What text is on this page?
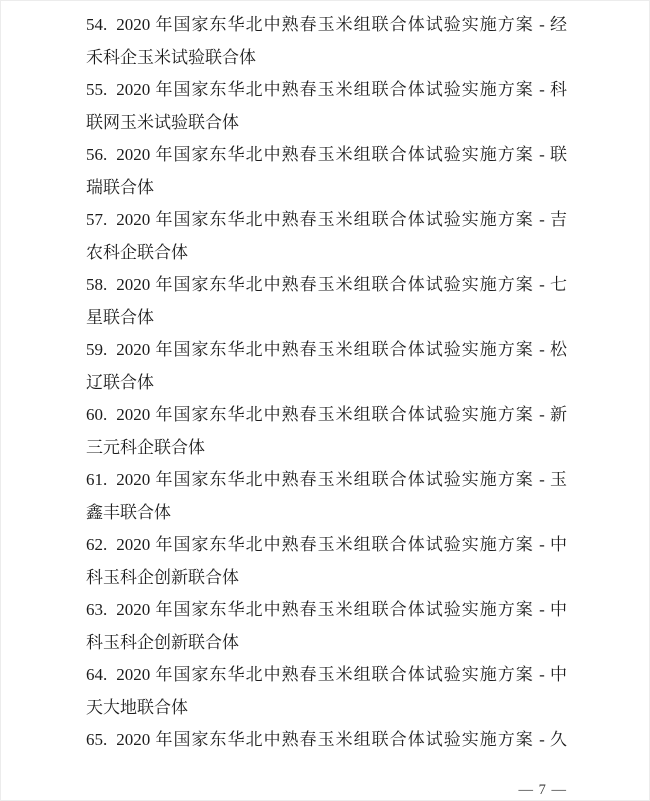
54. 2020 年国家东华北中熟春玉米组联合体试验实施方案 - 经
禾科企玉米试验联合体
55. 2020 年国家东华北中熟春玉米组联合体试验实施方案 - 科
联网玉米试验联合体
56. 2020 年国家东华北中熟春玉米组联合体试验实施方案 - 联
瑞联合体
57. 2020 年国家东华北中熟春玉米组联合体试验实施方案 - 吉
农科企联合体
58. 2020 年国家东华北中熟春玉米组联合体试验实施方案 - 七
星联合体
59. 2020 年国家东华北中熟春玉米组联合体试验实施方案 - 松
辽联合体
60. 2020 年国家东华北中熟春玉米组联合体试验实施方案 - 新
三元科企联合体
61. 2020 年国家东华北中熟春玉米组联合体试验实施方案 - 玉
鑫丰联合体
62. 2020 年国家东华北中熟春玉米组联合体试验实施方案 - 中
科玉科企创新联合体
63. 2020 年国家东华北中熟春玉米组联合体试验实施方案 - 中
科玉科企创新联合体
64. 2020 年国家东华北中熟春玉米组联合体试验实施方案 - 中
天大地联合体
65. 2020 年国家东华北中熟春玉米组联合体试验实施方案 - 久
— 7 —
